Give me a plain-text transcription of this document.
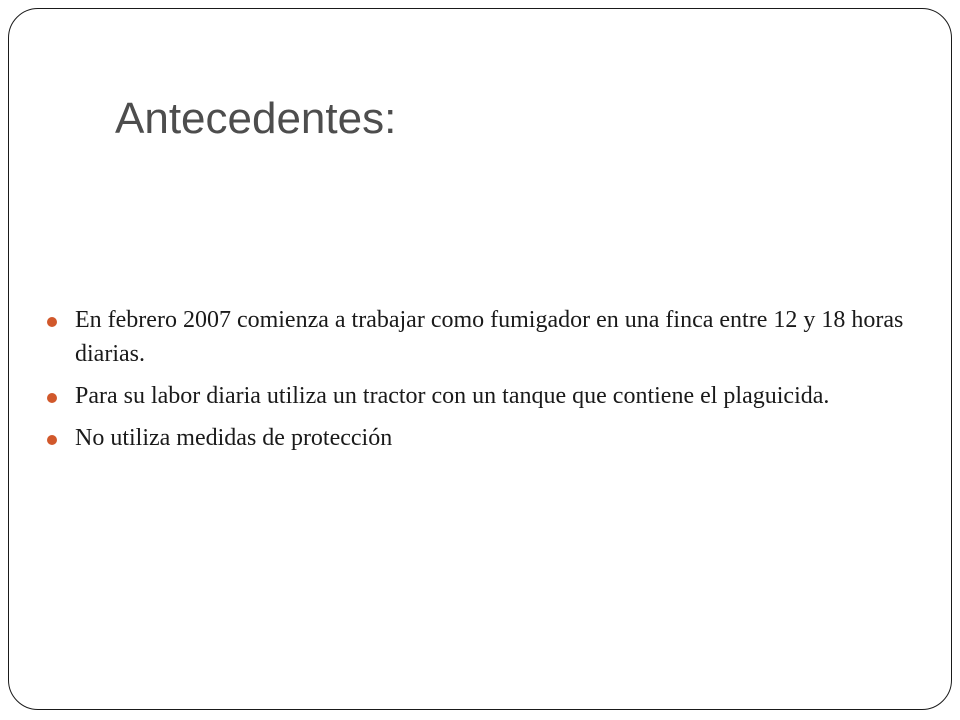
Antecedentes:
En febrero 2007 comienza a trabajar como fumigador en una finca entre 12 y 18 horas diarias.
Para su labor diaria utiliza un tractor con un tanque que contiene el plaguicida.
No utiliza medidas de protección
